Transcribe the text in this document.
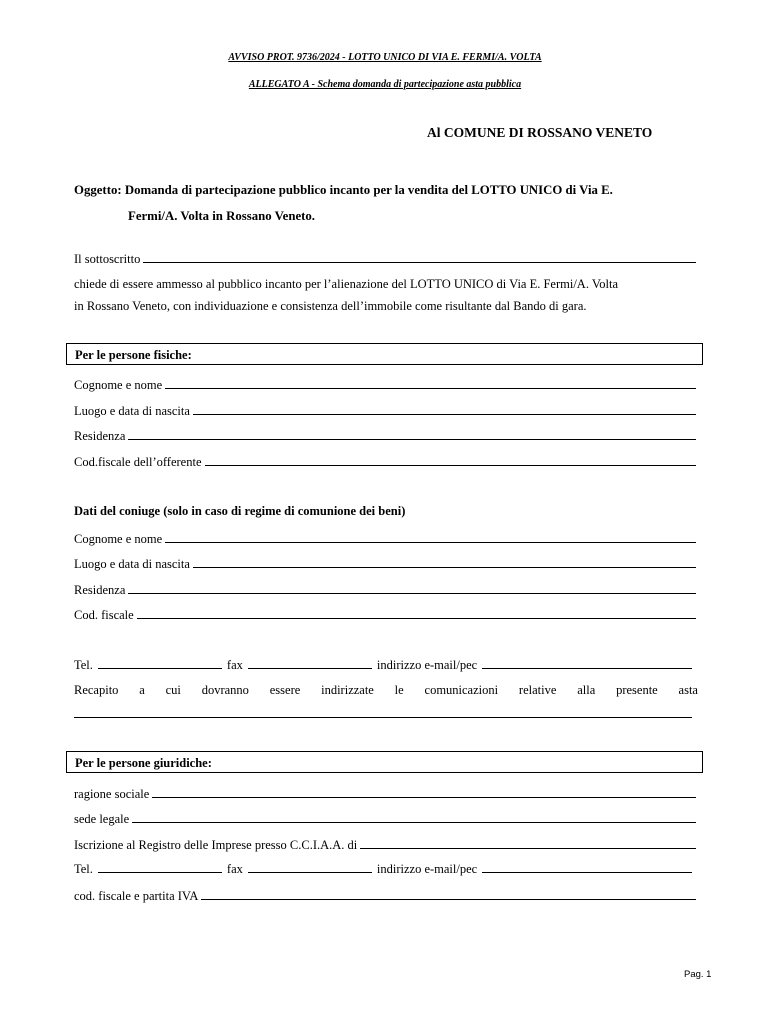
AVVISO PROT. 9736/2024 - LOTTO UNICO DI VIA E. FERMI/A. VOLTA
ALLEGATO A - Schema domanda di partecipazione asta pubblica
Al COMUNE DI ROSSANO VENETO
Oggetto: Domanda di partecipazione pubblico incanto per la vendita del LOTTO UNICO di Via E.
Fermi/A. Volta in Rossano Veneto.
Il sottoscritto
chiede di essere ammesso al pubblico incanto per l’alienazione del LOTTO UNICO di Via E. Fermi/A. Volta
in Rossano Veneto, con individuazione e consistenza dell’immobile come risultante dal Bando di gara.
Per le persone fisiche:
Cognome e nome
Luogo e data di nascita
Residenza
Cod.fiscale dell’offerente
Dati del coniuge (solo in caso di regime di comunione dei beni)
Cognome e nome
Luogo e data di nascita
Residenza
Cod. fiscale
Tel.	fax	indirizzo e-mail/pec
Recapito a cui dovranno essere indirizzate le comunicazioni relative alla presente asta
Per le persone giuridiche:
ragione sociale
sede legale
Iscrizione al Registro delle Imprese presso C.C.I.A.A. di
Tel.	fax	indirizzo e-mail/pec
cod. fiscale e partita IVA
Pag. 1
